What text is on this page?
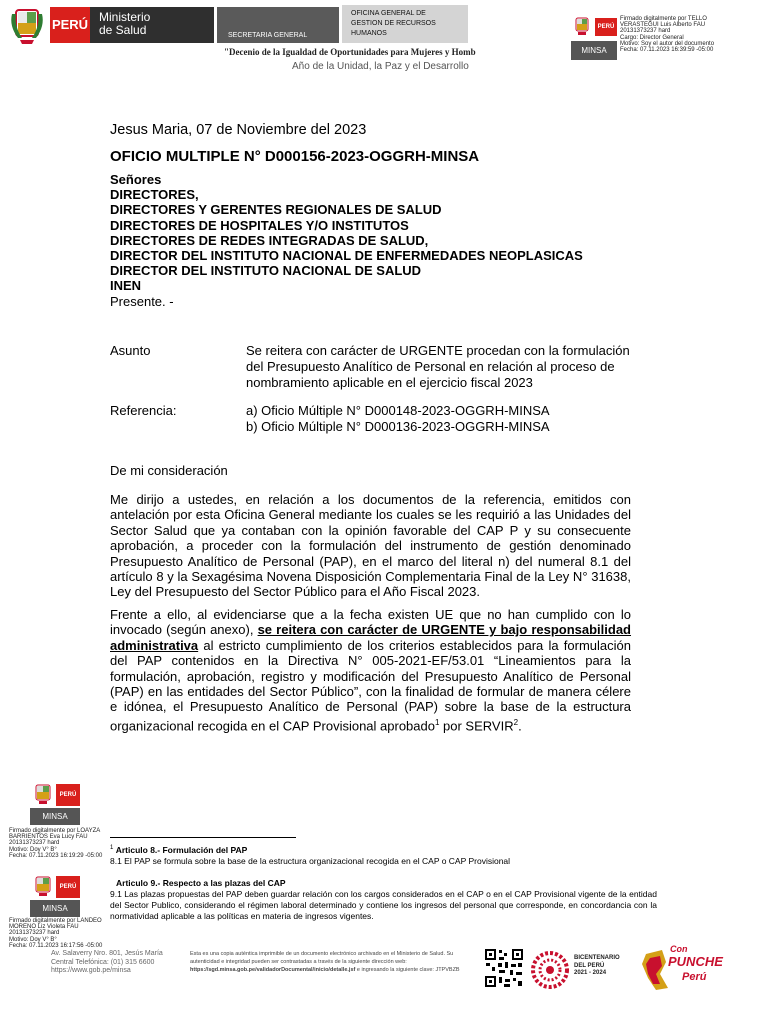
PERÚ Ministerio
de Salud	SECRETARIA GENERAL
OFICINA GENERAL DE
GESTION DE RECURSOS
HUMANOS
"Decenio de la Igualdad de Oportunidades para Mujeres y Homb
Año de la Unidad, la Paz y el Desarrollo
PERÚ
MINSA
Firmado digitalmente por TELLO
VERASTEGUI Luis Alberto FAU
20131373237 hard
Cargo: Director General
Motivo: Soy el autor del documento
Fecha: 07.11.2023 16:39:59 -05:00
Jesus Maria, 07 de Noviembre del 2023
OFICIO MULTIPLE N° D000156-2023-OGGRH-MINSA
Señores
DIRECTORES,
DIRECTORES Y GERENTES REGIONALES DE SALUD
DIRECTORES DE HOSPITALES Y/O INSTITUTOS
DIRECTORES DE REDES INTEGRADAS DE SALUD,
DIRECTOR DEL INSTITUTO NACIONAL DE ENFERMEDADES NEOPLASICAS
DIRECTOR DEL INSTITUTO NACIONAL DE SALUD
INEN
Presente. -
Asunto	Se reitera con carácter de URGENTE procedan con la formulación
del Presupuesto Analítico de Personal en relación al proceso de
nombramiento aplicable en el ejercicio fiscal 2023
Referencia:	a) Oficio Múltiple N° D000148-2023-OGGRH-MINSA
b) Oficio Múltiple N° D000136-2023-OGGRH-MINSA
De mi consideración
Me dirijo a ustedes, en relación a los documentos de la referencia, emitidos con antelación por esta Oficina General mediante los cuales se les requirió a las Unidades del Sector Salud que ya contaban con la opinión favorable del CAP P y su consecuente aprobación, a proceder con la formulación del instrumento de gestión denominado Presupuesto Analítico de Personal (PAP), en el marco del literal n) del numeral 8.1 del artículo 8 y la Sexagésima Novena Disposición Complementaria Final de la Ley N° 31638, Ley del Presupuesto del Sector Público para el Año Fiscal 2023.
Frente a ello, al evidenciarse que a la fecha existen UE que no han cumplido con lo invocado (según anexo), se reitera con carácter de URGENTE y bajo responsabilidad administrativa al estricto cumplimiento de los criterios establecidos para la formulación del PAP contenidos en la Directiva N° 005-2021-EF/53.01 “Lineamientos para la formulación, aprobación, registro y modificación del Presupuesto Analítico de Personal (PAP) en las entidades del Sector Público”, con la finalidad de formular de manera célere e idónea, el Presupuesto Analítico de Personal (PAP) sobre la base de la estructura organizacional recogida en el CAP Provisional aprobado$^1$ por SERVIR$^2$.
PERÚ
MINSA
Firmado digitalmente por LOAYZA
BARRIENTOS Eva Lucy FAU
20131373237 hard
Motivo: Doy V° B°
Fecha: 07.11.2023 16:19:29 -05:00
PERÚ
MINSA
Firmado digitalmente por LANDEO
MORENO Liz Violeta FAU
20131373237 hard
Motivo: Doy V° B°
Fecha: 07.11.2023 16:17:56 -05:00
$^1$ Articulo 8.- Formulación del PAP
8.1 El PAP se formula sobre la base de la estructura organizacional recogida en el CAP o CAP Provisional
Articulo 9.- Respecto a las plazas del CAP
9.1 Las plazas propuestas del PAP deben guardar relación con los cargos considerados en el CAP o en el CAP Provisional vigente de la entidad del Sector Publico, considerando el régimen laboral determinado y contiene los ingresos del personal que corresponde, en concordancia con la normatividad aplicable a las políticas en materia de ingresos vigentes.
Av. Salaverry Nro. 801, Jesús María
Central Telefónica: (01) 315 6600
https://www.gob.pe/minsa
Esta es una copia auténtica imprimible de un documento electrónico archivado en el Ministerio de Salud. Su autenticidad e integridad pueden ser contrastadas a través de la siguiente dirección web: https://sgd.minsa.gob.pe/validadorDocumental/inicio/detalle.jsf e ingresando la siguiente clave: JTPVBZB
BICENTENARIO
DEL PERÚ
2021 - 2024
Con
PUNCHE
Perú
